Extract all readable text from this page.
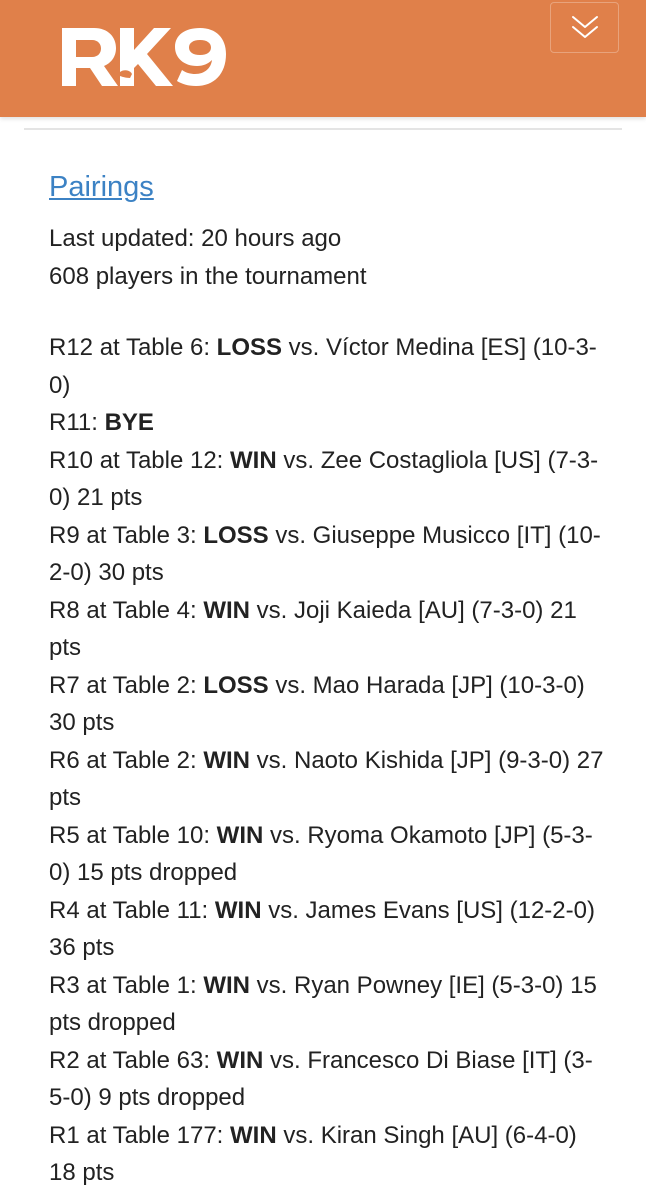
Pairings
Last updated: 20 hours ago
608 players in the tournament
R12 at Table 6: LOSS vs. Víctor Medina [ES] (10-3-0)
R11: BYE
R10 at Table 12: WIN vs. Zee Costagliola [US] (7-3-0) 21 pts
R9 at Table 3: LOSS vs. Giuseppe Musicco [IT] (10-2-0) 30 pts
R8 at Table 4: WIN vs. Joji Kaieda [AU] (7-3-0) 21 pts
R7 at Table 2: LOSS vs. Mao Harada [JP] (10-3-0) 30 pts
R6 at Table 2: WIN vs. Naoto Kishida [JP] (9-3-0) 27 pts
R5 at Table 10: WIN vs. Ryoma Okamoto [JP] (5-3-0) 15 pts dropped
R4 at Table 11: WIN vs. James Evans [US] (12-2-0) 36 pts
R3 at Table 1: WIN vs. Ryan Powney [IE] (5-3-0) 15 pts dropped
R2 at Table 63: WIN vs. Francesco Di Biase [IT] (3-5-0) 9 pts dropped
R1 at Table 177: WIN vs. Kiran Singh [AU] (6-4-0) 18 pts
